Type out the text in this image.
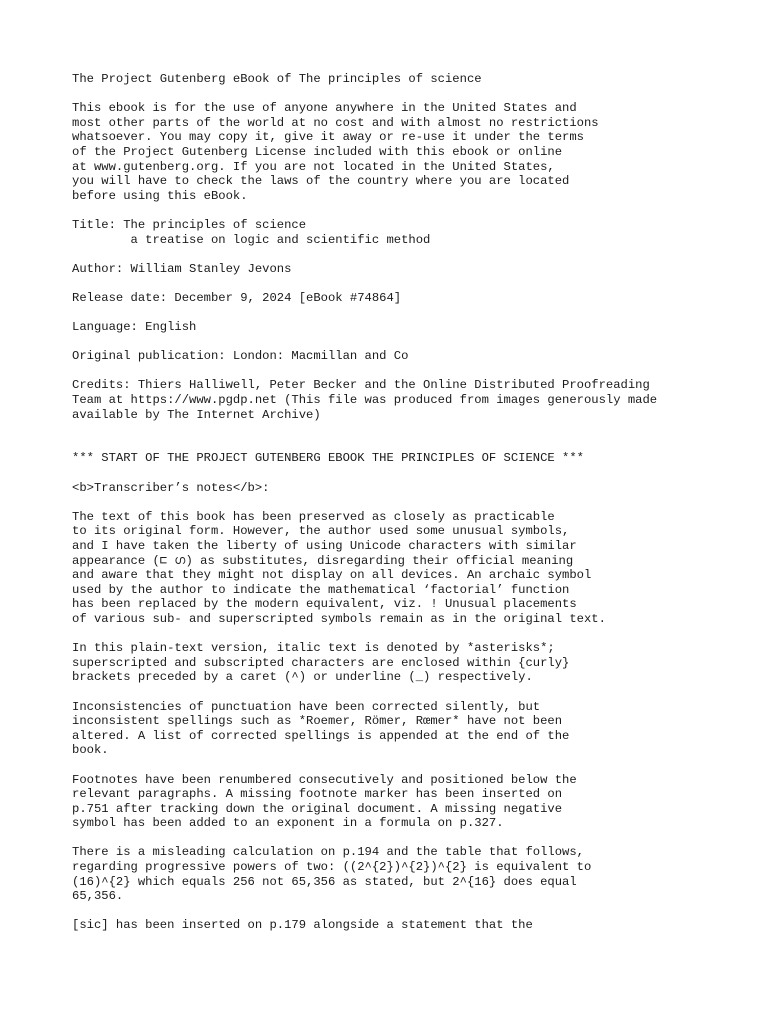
The Project Gutenberg eBook of The principles of science
This ebook is for the use of anyone anywhere in the United States and
most other parts of the world at no cost and with almost no restrictions
whatsoever. You may copy it, give it away or re-use it under the terms
of the Project Gutenberg License included with this ebook or online
at www.gutenberg.org. If you are not located in the United States,
you will have to check the laws of the country where you are located
before using this eBook.
Title: The principles of science
a treatise on logic and scientific method
Author: William Stanley Jevons
Release date: December 9, 2024 [eBook #74864]
Language: English
Original publication: London: Macmillan and Co
Credits: Thiers Halliwell, Peter Becker and the Online Distributed Proofreading
Team at https://www.pgdp.net (This file was produced from images generously made
available by The Internet Archive)
*** START OF THE PROJECT GUTENBERG EBOOK THE PRINCIPLES OF SCIENCE ***
<b>Transcriber’s notes</b>:
The text of this book has been preserved as closely as practicable
to its original form. However, the author used some unusual symbols,
and I have taken the liberty of using Unicode characters with similar
appearance (⊏ ഗ) as substitutes, disregarding their official meaning
and aware that they might not display on all devices. An archaic symbol
used by the author to indicate the mathematical ‘factorial’ function
has been replaced by the modern equivalent, viz. ! Unusual placements
of various sub- and superscripted symbols remain as in the original text.
In this plain-text version, italic text is denoted by *asterisks*;
superscripted and subscripted characters are enclosed within {curly}
brackets preceded by a caret (^) or underline (_) respectively.
Inconsistencies of punctuation have been corrected silently, but
inconsistent spellings such as *Roemer, Römer, Rœmer* have not been
altered. A list of corrected spellings is appended at the end of the
book.
Footnotes have been renumbered consecutively and positioned below the
relevant paragraphs. A missing footnote marker has been inserted on
p.751 after tracking down the original document. A missing negative
symbol has been added to an exponent in a formula on p.327.
There is a misleading calculation on p.194 and the table that follows,
regarding progressive powers of two: ((2^{2})^{2})^{2} is equivalent to
(16)^{2} which equals 256 not 65,356 as stated, but 2^{16} does equal
65,356.
[sic] has been inserted on p.179 alongside a statement that the
